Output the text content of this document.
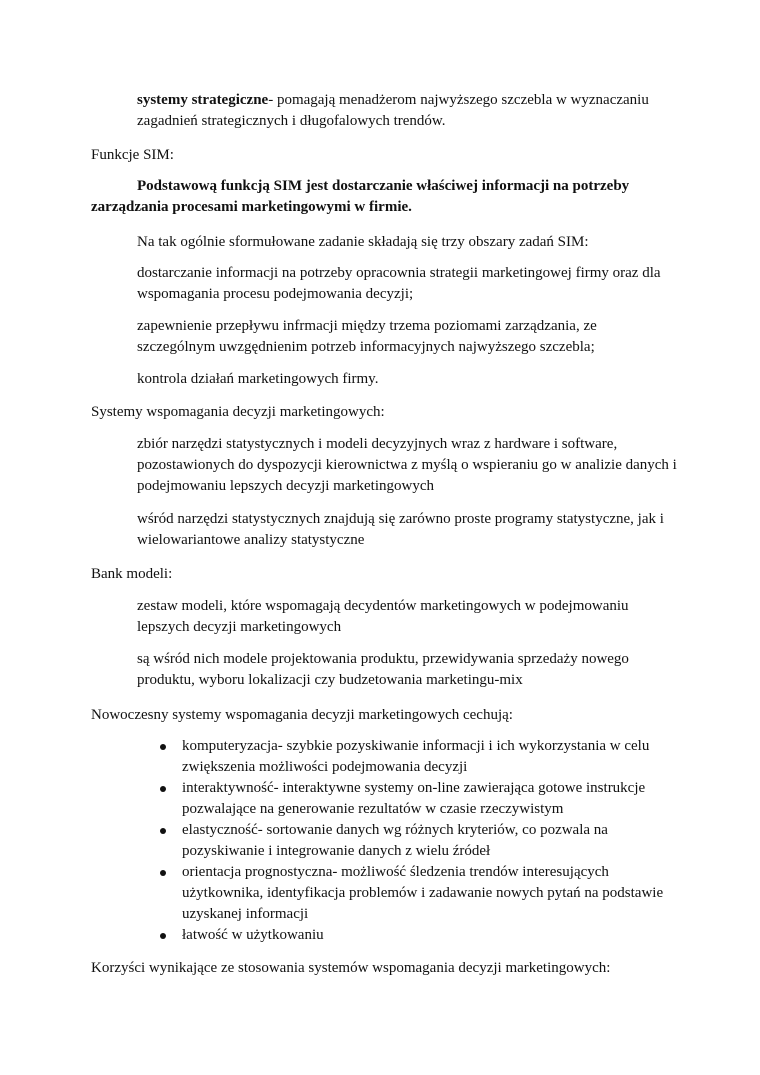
systemy strategiczne- pomagają menadżerom najwyższego szczebla w wyznaczaniu zagadnień strategicznych i długofalowych trendów.

Funkcje SIM:

Podstawową funkcją SIM jest dostarczanie właściwej informacji na potrzeby zarządzania procesami marketingowymi w firmie.

Na tak ogólnie sformułowane zadanie składają się trzy obszary zadań SIM:

dostarczanie informacji na potrzeby opracownia strategii marketingowej firmy oraz dla wspomagania procesu podejmowania decyzji;

zapewnienie przepływu infrmacji między trzema poziomami zarządzania, ze szczególnym uwzgędnienim potrzeb informacyjnych najwyższego szczebla;

kontrola działań marketingowych firmy.

Systemy wspomagania decyzji marketingowych:

zbiór narzędzi statystycznych i modeli decyzyjnych wraz z hardware i software, pozostawionych do dyspozycji kierownictwa z myślą o wspieraniu go w analizie danych i podejmowaniu lepszych decyzji marketingowych

wśród narzędzi statystycznych znajdują się zarówno proste programy statystyczne, jak i wielowariantowe analizy statystyczne

Bank modeli:

zestaw modeli, które wspomagają decydentów marketingowych w podejmowaniu lepszych decyzji marketingowych

są wśród nich modele projektowania produktu, przewidywania sprzedaży nowego produktu, wyboru lokalizacji czy budzetowania marketingu-mix

Nowoczesny systemy wspomagania decyzji marketingowych cechują:

komputeryzacja- szybkie pozyskiwanie informacji i ich wykorzystania w celu zwiększenia możliwości podejmowania decyzji
interaktywność- interaktywne systemy on-line zawierająca gotowe instrukcje pozwalające na generowanie rezultatów w czasie rzeczywistym
elastyczność- sortowanie danych wg różnych kryteriów, co pozwala na pozyskiwanie i integrowanie danych z wielu źródeł
orientacja prognostyczna- możliwość śledzenia trendów interesujących użytkownika, identyfikacja problemów i zadawanie nowych pytań na podstawie uzyskanej informacji
łatwość w użytkowaniu

Korzyści wynikające ze stosowania systemów wspomagania decyzji marketingowych:
